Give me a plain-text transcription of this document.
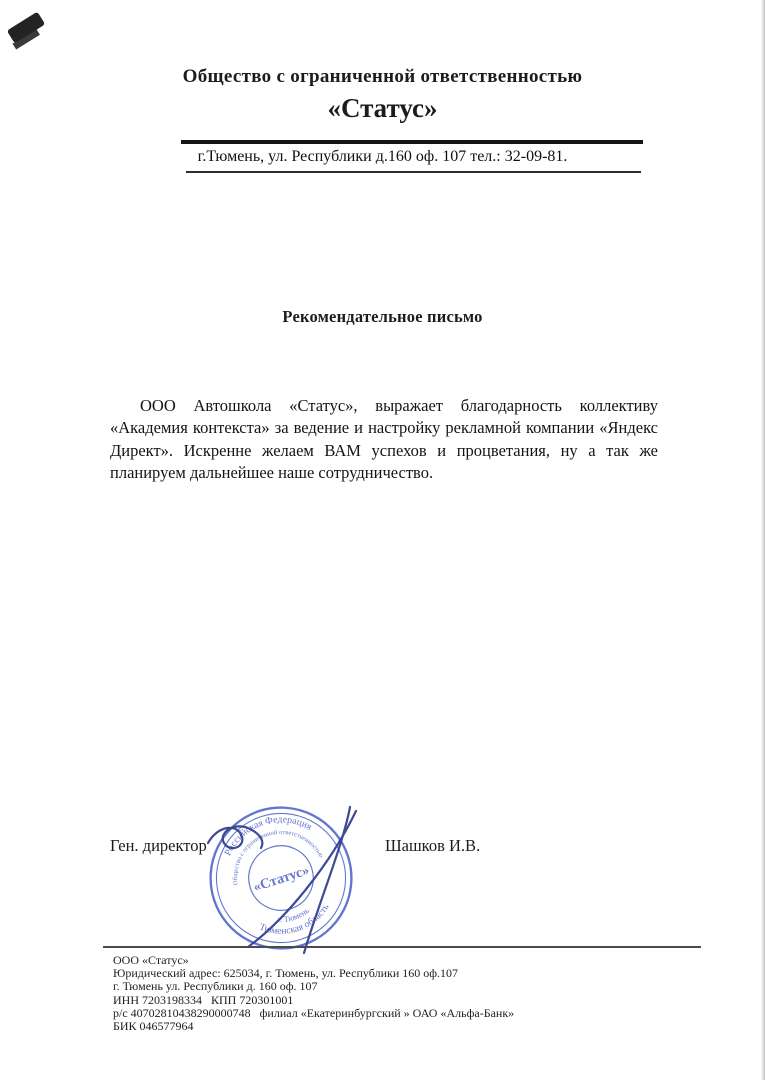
Общество с ограниченной ответственностью
«Статус»
г.Тюмень, ул. Республики д.160 оф. 107 тел.: 32-09-81.
Рекомендательное письмо

ООО Автошкола «Статус», выражает благодарность коллективу «Академия контекста» за ведение и настройку рекламной компании «Яндекс Директ». Искренне желаем ВАМ успехов и процветания, ну а так же планируем дальнейшее наше сотрудничество.

Ген. директор	Шашков И.В.
Российская Федерация
Тюменская область
Общество с ограниченной ответственностью
г. Тюмень
«Статус»
ООО «Статус»
Юридический адрес: 625034, г. Тюмень, ул. Республики 160 оф.107
г. Тюмень ул. Республики д. 160 оф. 107
ИНН 7203198334   КПП 720301001
р/с 40702810438290000748   филиал «Екатеринбургский » ОАО «Альфа-Банк»
БИК 046577964
